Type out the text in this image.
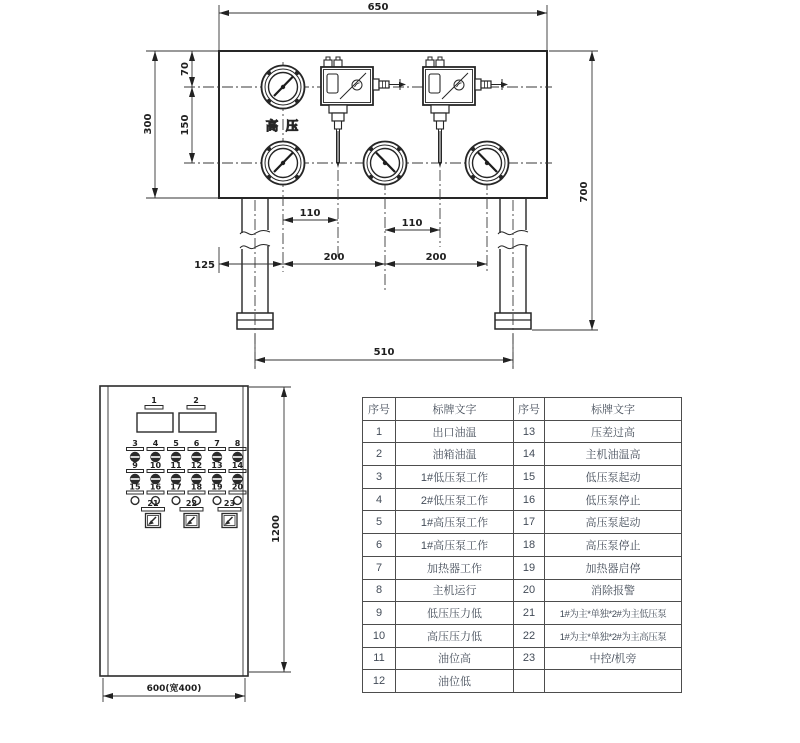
高 压
650
300
70
150
700
110
110
200	200
125
510
1	2
3 4 5 6 7 8
9 10 11 12 13 14
15 16 17 18 19 20
21	22	23
1200
600(宽400)
序号	标牌文字	序号	标牌文字
1	出口油温	13	压差过高
2	油箱油温	14	主机油温高
3	1#低压泵工作	15	低压泵起动
4	2#低压泵工作	16	低压泵停止
5	1#高压泵工作	17	高压泵起动
6	1#高压泵工作	18	高压泵停止
7	加热器工作	19	加热器启停
8	主机运行	20	消除报警
9	低压压力低	21	1#为主*单独*2#为主低压泵
10	高压压力低	22	1#为主*单独*2#为主高压泵
11	油位高	23	中控/机旁
12	油位低		
